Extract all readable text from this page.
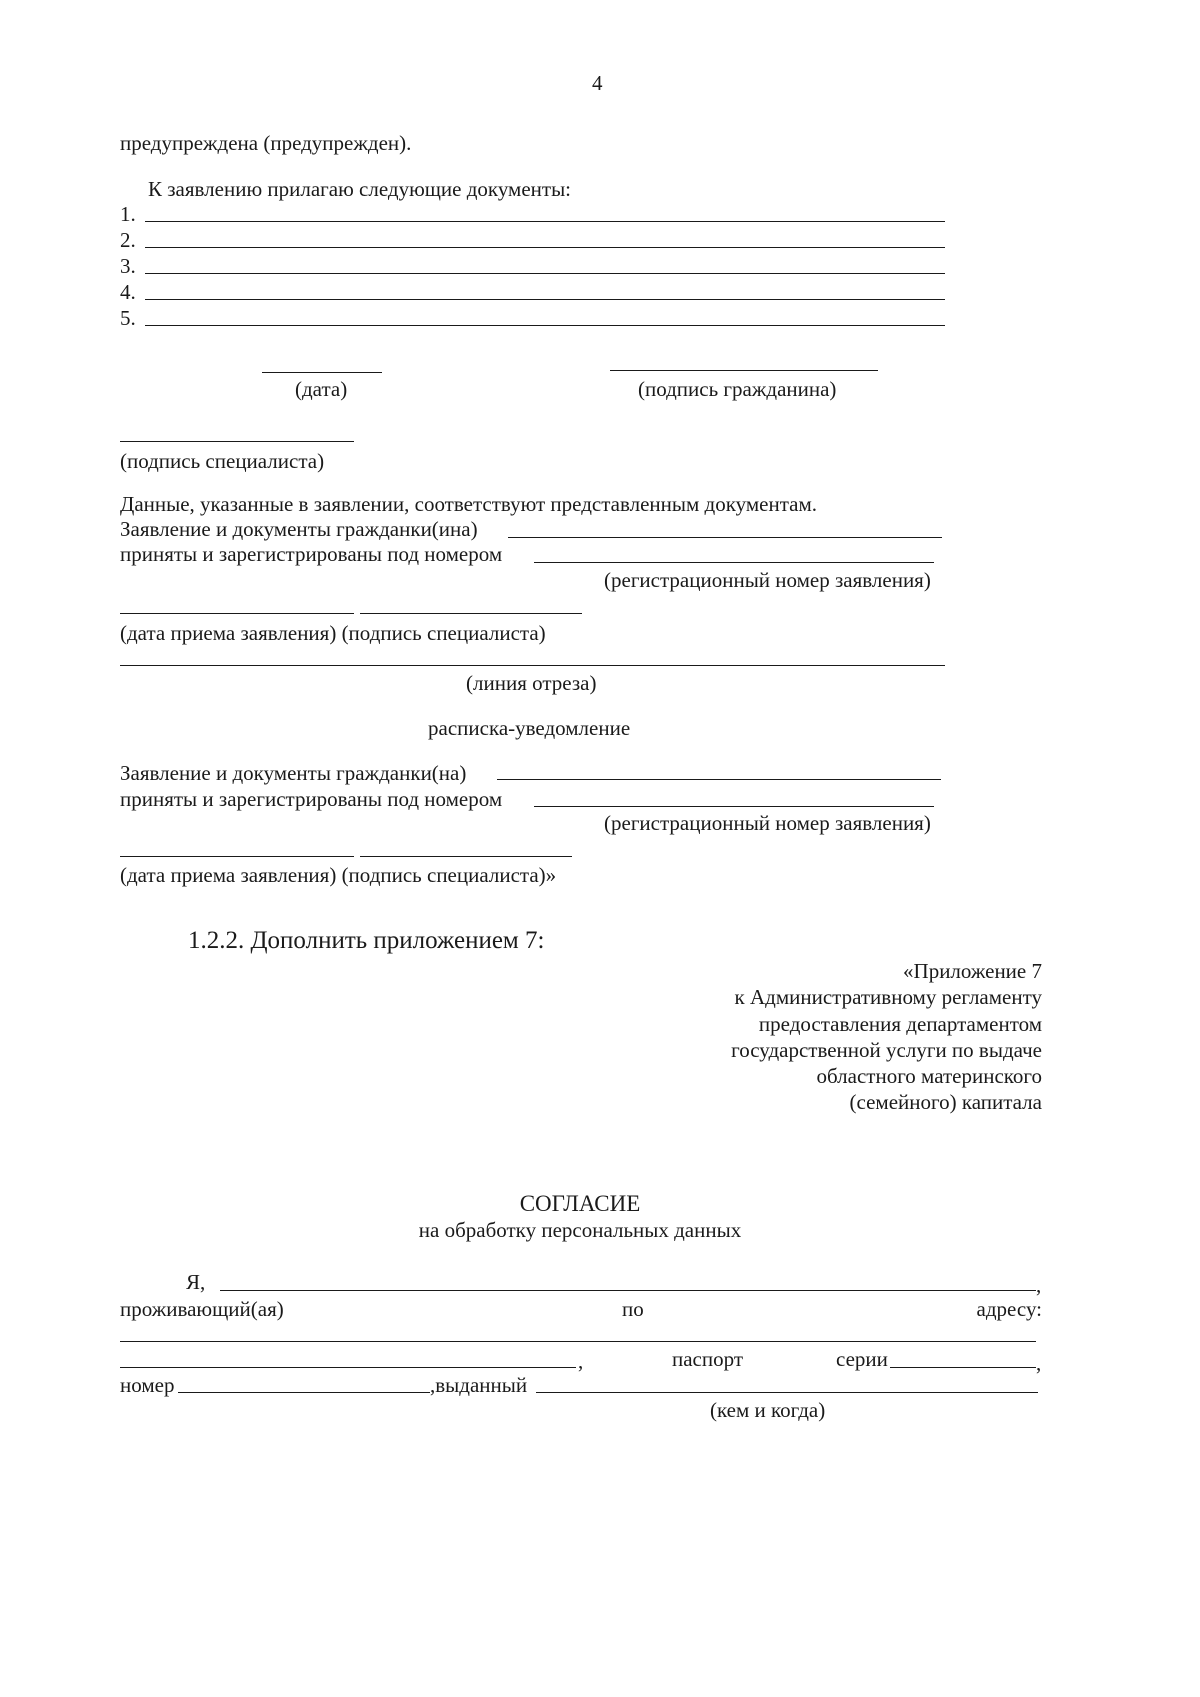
4
предупреждена (предупрежден).
К заявлению прилагаю следующие документы:
1.
2.
3.
4.
5.
(дата)	(подпись гражданина)
(подпись специалиста)
Данные, указанные в заявлении, соответствуют представленным документам.
Заявление и документы гражданки(ина)
приняты и зарегистрированы под номером
(регистрационный номер заявления)
(дата приема заявления) (подпись специалиста)
(линия отреза)
расписка-уведомление
Заявление и документы гражданки(на)
приняты и зарегистрированы под номером
(регистрационный номер заявления)
(дата приема заявления) (подпись специалиста)»
1.2.2. Дополнить приложением 7:
«Приложение 7
к Административному регламенту
предоставления департаментом
государственной услуги по выдаче
областного материнского
(семейного) капитала
СОГЛАСИЕ
на обработку персональных данных
Я,	,
проживающий(ая)	по	адресу:
,	паспорт	серии	,
номер	,выданный
(кем и когда)
